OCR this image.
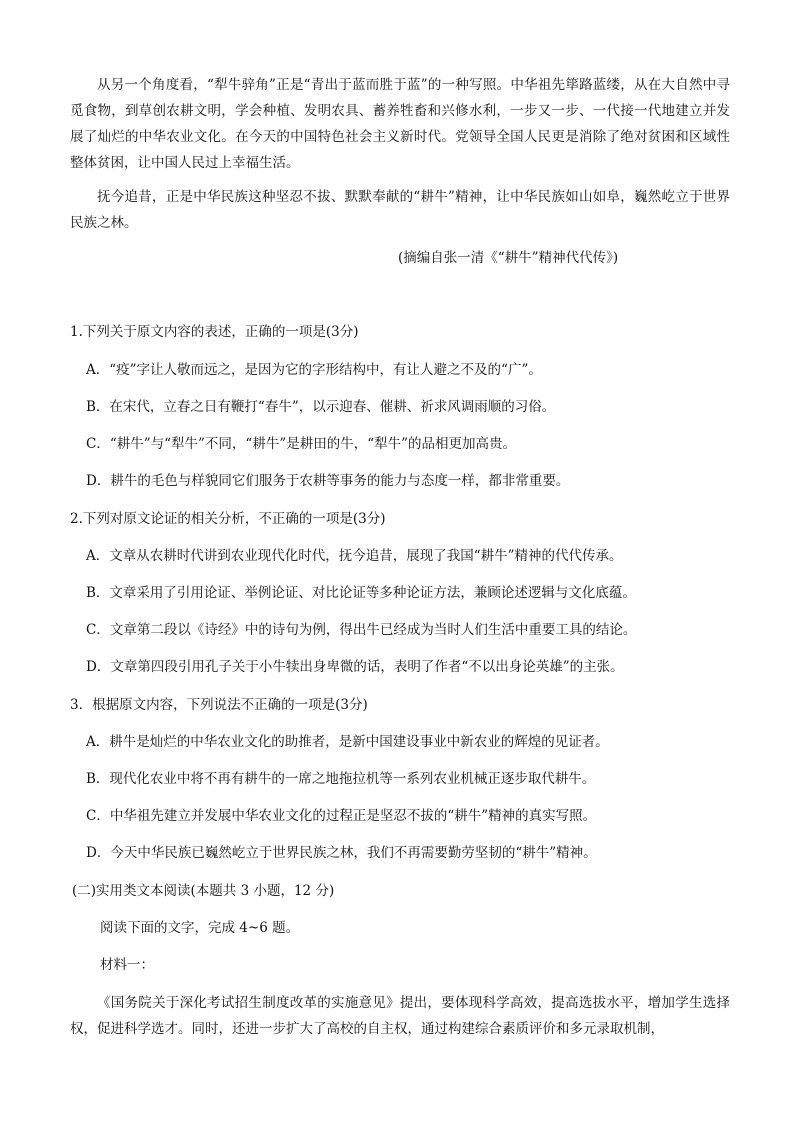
从另一个角度看，“犁牛骍角”正是“青出于蓝而胜于蓝”的一种写照。中华祖先筚路蓝缕，从在大自然中寻觅食物，到草创农耕文明，学会种植、发明农具、蓄养牲畜和兴修水利，一步又一步、一代接一代地建立并发展了灿烂的中华农业文化。在今天的中国特色社会主义新时代。党领导全国人民更是消除了绝对贫困和区域性整体贫困，让中国人民过上幸福生活。

抚今追昔，正是中华民族这种坚忍不拔、默默奉献的“耕牛”精神，让中华民族如山如阜，巍然屹立于世界民族之林。

(摘编自张一清《“耕牛”精神代代传》)
1.下列关于原文内容的表述，正确的一项是(3分)
A．“疫”字让人敬而远之，是因为它的字形结构中，有让人避之不及的“广”。
B．在宋代，立春之日有鞭打“春牛”，以示迎春、催耕、祈求风调雨顺的习俗。
C．“耕牛”与“犁牛”不同，“耕牛”是耕田的牛，“犁牛”的品相更加高贵。
D．耕牛的毛色与样貌同它们服务于农耕等事务的能力与态度一样，都非常重要。
2.下列对原文论证的相关分析，不正确的一项是(3分)
A．文章从农耕时代讲到农业现代化时代，抚今追昔，展现了我国“耕牛”精神的代代传承。
B．文章采用了引用论证、举例论证、对比论证等多种论证方法，兼顾论述逻辑与文化底蕴。
C．文章第二段以《诗经》中的诗句为例，得出牛已经成为当时人们生活中重要工具的结论。
D．文章第四段引用孔子关于小牛犊出身卑微的话，表明了作者“不以出身论英雄”的主张。
3．根据原文内容，下列说法不正确的一项是(3分)
A．耕牛是灿烂的中华农业文化的助推者，是新中国建设事业中新农业的辉煌的见证者。
B．现代化农业中将不再有耕牛的一席之地拖拉机等一系列农业机械正逐步取代耕牛。
C．中华祖先建立并发展中华农业文化的过程正是坚忍不拔的“耕牛”精神的真实写照。
D．今天中华民族已巍然屹立于世界民族之林，我们不再需要勤劳坚韧的“耕牛”精神。
(二)实用类文本阅读(本题共 3 小题，12 分)
阅读下面的文字，完成 4~6 题。
材料一：

《国务院关于深化考试招生制度改革的实施意见》提出，要体现科学高效，提高选拔水平，增加学生选择权，促进科学选才。同时，还进一步扩大了高校的自主权，通过构建综合素质评价和多元录取机制，
